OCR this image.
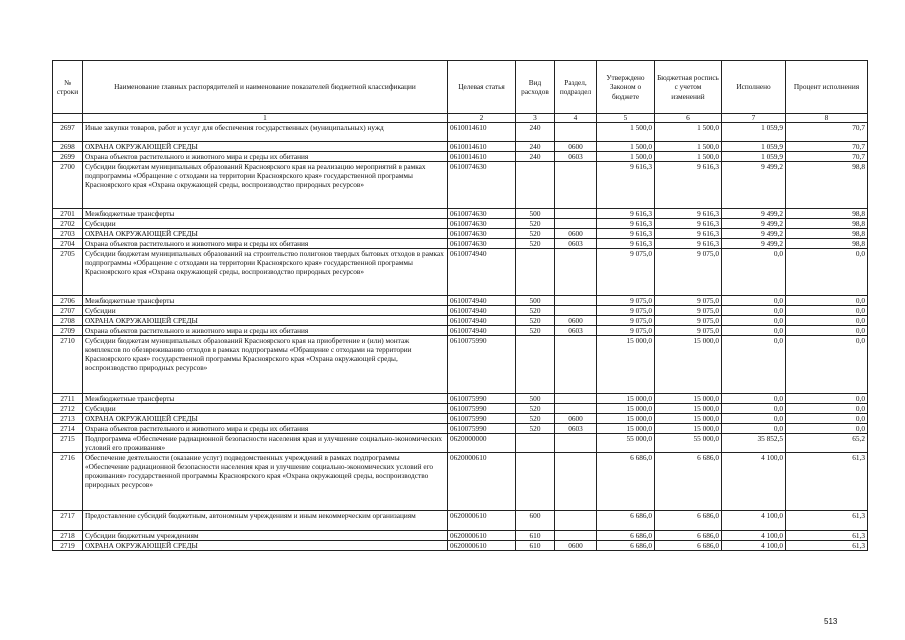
№ строки	Наименование главных распорядителей и наименование показателей бюджетной классификации	Целевая статья	Вид расходов	Раздел, подраздел	Утверждено Законом о бюджете	Бюджетная роспись с учетом изменений	Исполнено	Процент исполнения
	1	2	3	4	5	6	7	8
2697	Иные закупки товаров, работ и услуг для обеспечения государственных (муниципальных) нужд	0610014610	240		1 500,0	1 500,0	1 059,9	70,7
2698	ОХРАНА ОКРУЖАЮЩЕЙ СРЕДЫ	0610014610	240	0600	1 500,0	1 500,0	1 059,9	70,7
2699	Охрана объектов растительного и животного мира и среды их обитания	0610014610	240	0603	1 500,0	1 500,0	1 059,9	70,7
2700	Субсидии бюджетам муниципальных образований Красноярского края на реализацию мероприятий в рамках подпрограммы «Обращение с отходами на территории Красноярского края» государственной программы Красноярского края «Охрана окружающей среды, воспроизводство природных ресурсов»	0610074630			9 616,3	9 616,3	9 499,2	98,8
2701	Межбюджетные трансферты	0610074630	500		9 616,3	9 616,3	9 499,2	98,8
2702	Субсидии	0610074630	520		9 616,3	9 616,3	9 499,2	98,8
2703	ОХРАНА ОКРУЖАЮЩЕЙ СРЕДЫ	0610074630	520	0600	9 616,3	9 616,3	9 499,2	98,8
2704	Охрана объектов растительного и животного мира и среды их обитания	0610074630	520	0603	9 616,3	9 616,3	9 499,2	98,8
2705	Субсидии бюджетам муниципальных образований на строительство полигонов твердых бытовых отходов в рамках подпрограммы «Обращение с отходами на территории Красноярского края» государственной программы Красноярского края «Охрана окружающей среды, воспроизводство природных ресурсов»	0610074940			9 075,0	9 075,0	0,0	0,0
2706	Межбюджетные трансферты	0610074940	500		9 075,0	9 075,0	0,0	0,0
2707	Субсидии	0610074940	520		9 075,0	9 075,0	0,0	0,0
2708	ОХРАНА ОКРУЖАЮЩЕЙ СРЕДЫ	0610074940	520	0600	9 075,0	9 075,0	0,0	0,0
2709	Охрана объектов растительного и животного мира и среды их обитания	0610074940	520	0603	9 075,0	9 075,0	0,0	0,0
2710	Субсидии бюджетам муниципальных образований Красноярского края на приобретение и (или) монтаж комплексов по обезвреживанию отходов в рамках подпрограммы «Обращение с отходами на территории Красноярского края» государственной программы Красноярского края «Охрана окружающей среды, воспроизводство природных ресурсов»	0610075990			15 000,0	15 000,0	0,0	0,0
2711	Межбюджетные трансферты	0610075990	500		15 000,0	15 000,0	0,0	0,0
2712	Субсидии	0610075990	520		15 000,0	15 000,0	0,0	0,0
2713	ОХРАНА ОКРУЖАЮЩЕЙ СРЕДЫ	0610075990	520	0600	15 000,0	15 000,0	0,0	0,0
2714	Охрана объектов растительного и животного мира и среды их обитания	0610075990	520	0603	15 000,0	15 000,0	0,0	0,0
2715	Подпрограмма «Обеспечение радиационной безопасности населения края и улучшение социально-экономических условий его проживания»	0620000000			55 000,0	55 000,0	35 852,5	65,2
2716	Обеспечение деятельности (оказание услуг) подведомственных учреждений в рамках подпрограммы «Обеспечение радиационной безопасности населения края и улучшение социально-экономических условий его проживания» государственной программы Красноярского края «Охрана окружающей среды, воспроизводство природных ресурсов»	0620000610			6 686,0	6 686,0	4 100,0	61,3
2717	Предоставление субсидий бюджетным, автономным учреждениям и иным некоммерческим организациям	0620000610	600		6 686,0	6 686,0	4 100,0	61,3
2718	Субсидии бюджетным учреждениям	0620000610	610		6 686,0	6 686,0	4 100,0	61,3
2719	ОХРАНА ОКРУЖАЮЩЕЙ СРЕДЫ	0620000610	610	0600	6 686,0	6 686,0	4 100,0	61,3
513
